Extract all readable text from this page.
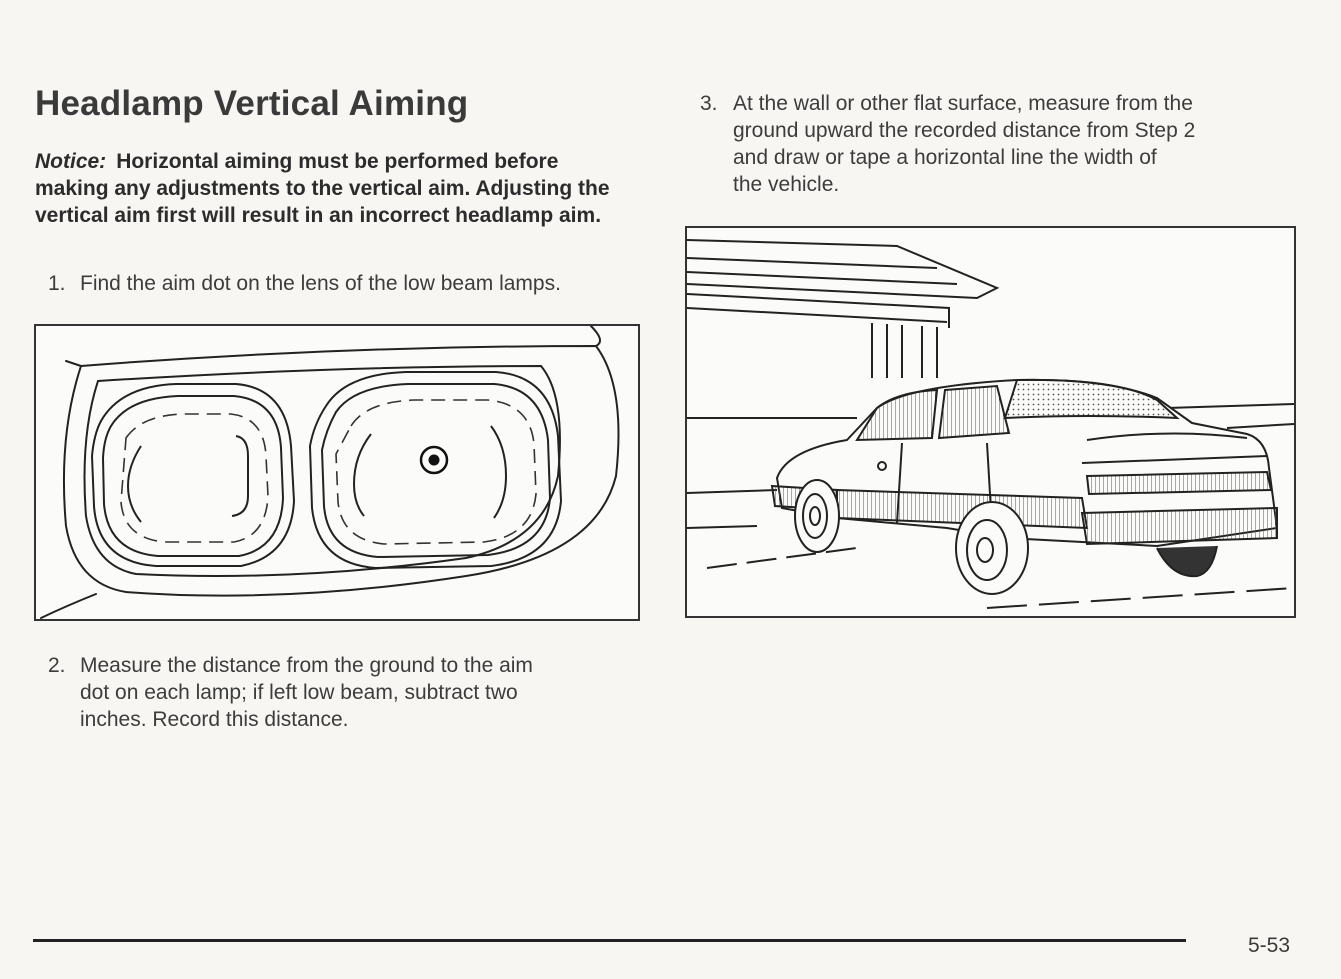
Headlamp Vertical Aiming
Notice: Horizontal aiming must be performed before making any adjustments to the vertical aim. Adjusting the vertical aim first will result in an incorrect headlamp aim.
1. Find the aim dot on the lens of the low beam lamps.
2. Measure the distance from the ground to the aim
dot on each lamp; if left low beam, subtract two
inches. Record this distance.
3. At the wall or other flat surface, measure from the
ground upward the recorded distance from Step 2
and draw or tape a horizontal line the width of
the vehicle.
5-53
